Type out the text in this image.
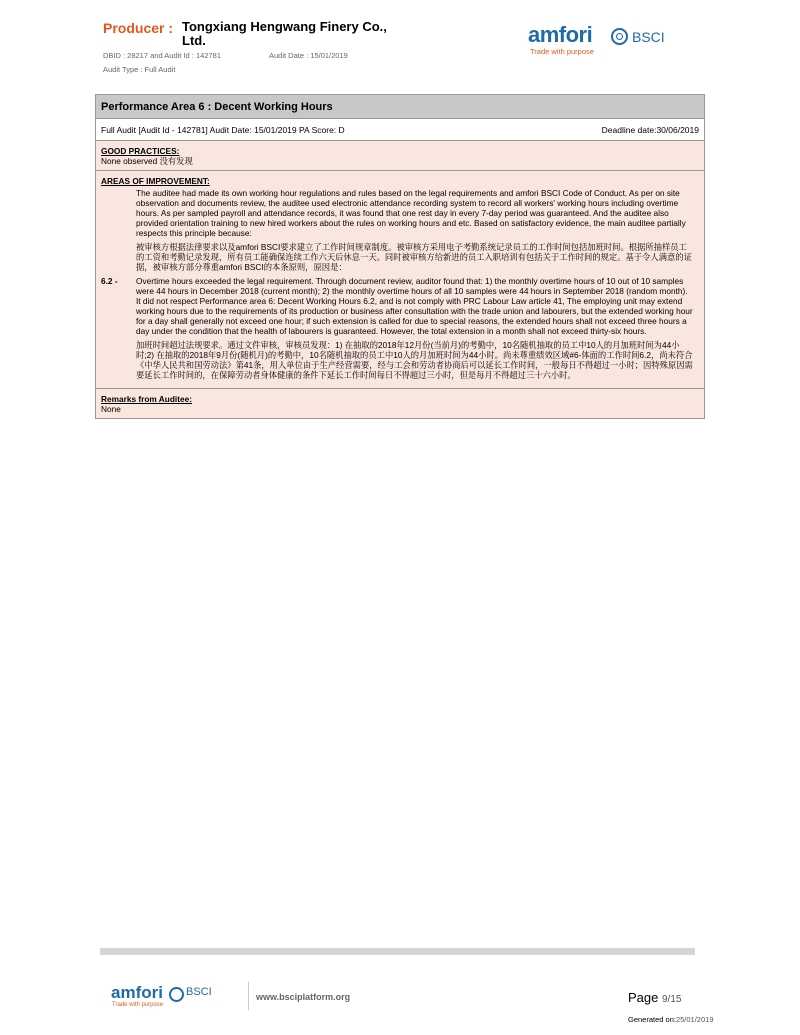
Producer : Tongxiang Hengwang Finery Co., Ltd.
DBID : 28217 and Audit Id : 142781	Audit Date : 15/01/2019
Audit Type : Full Audit
amfori
Trade with purpose
BSCI
Performance Area 6 : Decent Working Hours
Full Audit [Audit Id - 142781] Audit Date: 15/01/2019 PA Score: D	Deadline date:30/06/2019
GOOD PRACTICES:
None observed 没有发现
AREAS OF IMPROVEMENT:
6.2 -
The auditee had made its own working hour regulations and rules based on the legal requirements and amfori BSCI Code of Conduct. As per on site observation and documents review, the auditee used electronic attendance recording system to record all workers' working hours including overtime hours. As per sampled payroll and attendance records, it was found that one rest day in every 7-day period was guaranteed. And the auditee also provided orientation training to new hired workers about the rules on working hours and etc. Based on satisfactory evidence, the main auditee partially respects this principle because:
被审核方根据法律要求以及amfori BSCI要求建立了工作时间规章制度。被审核方采用电子考勤系统记录员工的工作时间包括加班时间。根据所抽样员工的工资和考勤记录发现，所有员工能确保连续工作六天后休息一天。同时被审核方给新进的员工入职培训有包括关于工作时间的规定。基于令人满意的证据，被审核方部分尊重amfori BSCI的本条原则，原因是：
Overtime hours exceeded the legal requirement. Through document review, auditor found that: 1) the monthly overtime hours of 10 out of 10 samples were 44 hours in December 2018 (current month); 2) the monthly overtime hours of all 10 samples were 44 hours in September 2018 (random month). It did not respect Performance area 6: Decent Working Hours 6.2, and is not comply with PRC Labour Law article 41, The employing unit may extend working hours due to the requirements of its production or business after consultation with the trade union and labourers, but the extended working hour for a day shall generally not exceed one hour; if such extension is called for due to special reasons, the extended hours shall not exceed three hours a day under the condition that the health of labourers is guaranteed. However, the total extension in a month shall not exceed thirty-six hours.
加班时间超过法规要求。通过文件审核，审核员发现：1) 在抽取的2018年12月份(当前月)的考勤中，10名随机抽取的员工中10人的月加班时间为44小时;2) 在抽取的2018年9月份(随机月)的考勤中，10名随机抽取的员工中10人的月加班时间为44小时。尚未尊重绩效区域#6-体面的工作时间6.2，尚未符合《中华人民共和国劳动法》第41条，用人单位由于生产经营需要，经与工会和劳动者协商后可以延长工作时间，一般每日不得超过一小时；因特殊原因需要延长工作时间的，在保障劳动者身体健康的条件下延长工作时间每日不得超过三小时，但是每月不得超过三十六小时。
Remarks from Auditee:
None
amfori
Trade with purpose
BSCI	www.bsciplatform.org	Page 9/15
Generated on:25/01/2019
